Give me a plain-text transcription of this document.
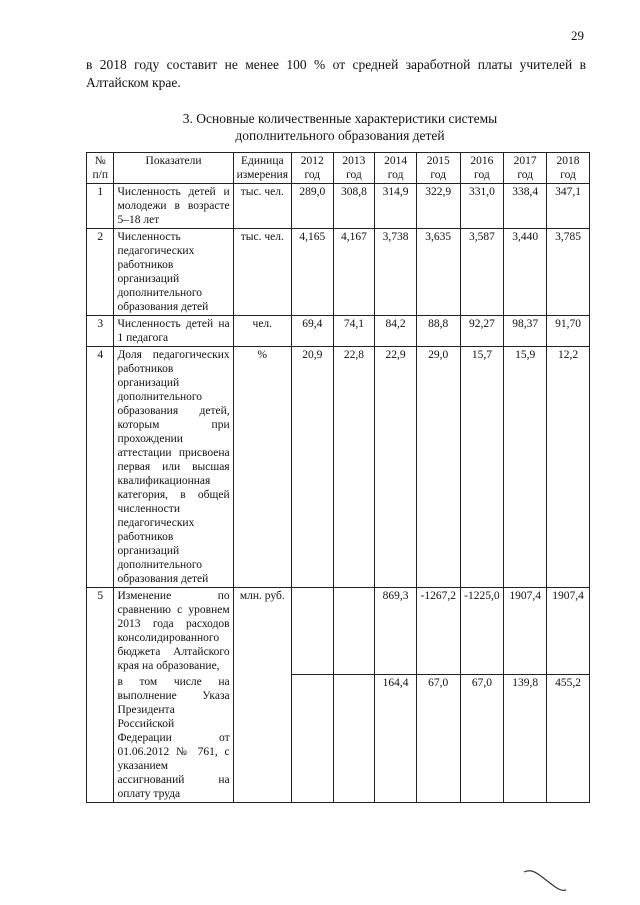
29

в 2018 году составит не менее 100 % от средней заработной платы учителей в Алтайском крае.

3. Основные количественные характеристики системы
дополнительного образования детей
№ п/п	Показатели	Единица измерения	2012 год	2013 год	2014 год	2015 год	2016 год	2017 год	2018 год
1	Численность детей и молодежи в возрасте 5–18 лет	тыс. чел.	289,0	308,8	314,9	322,9	331,0	338,4	347,1
2	Численность педагогических работников организаций дополнительного образования детей	тыс. чел.	4,165	4,167	3,738	3,635	3,587	3,440	3,785
3	Численность детей на 1 педагога	чел.	69,4	74,1	84,2	88,8	92,27	98,37	91,70
4	Доля педагогических работников организаций дополнительного образования детей, которым при прохождении аттестации присвоена первая или высшая квалификационная категория, в общей численности педагогических работников организаций дополнительного образования детей	%	20,9	22,8	22,9	29,0	15,7	15,9	12,2
5	Изменение по сравнению с уровнем 2013 года расходов консолидированного бюджета Алтайского края на образование,	млн. руб.			869,3	-1267,2	-1225,0	1907,4	1907,4
	в том числе на выполнение Указа Президента Российской Федерации от 01.06.2012 № 761, с указанием ассигнований на оплату труда				164,4	67,0	67,0	139,8	455,2
